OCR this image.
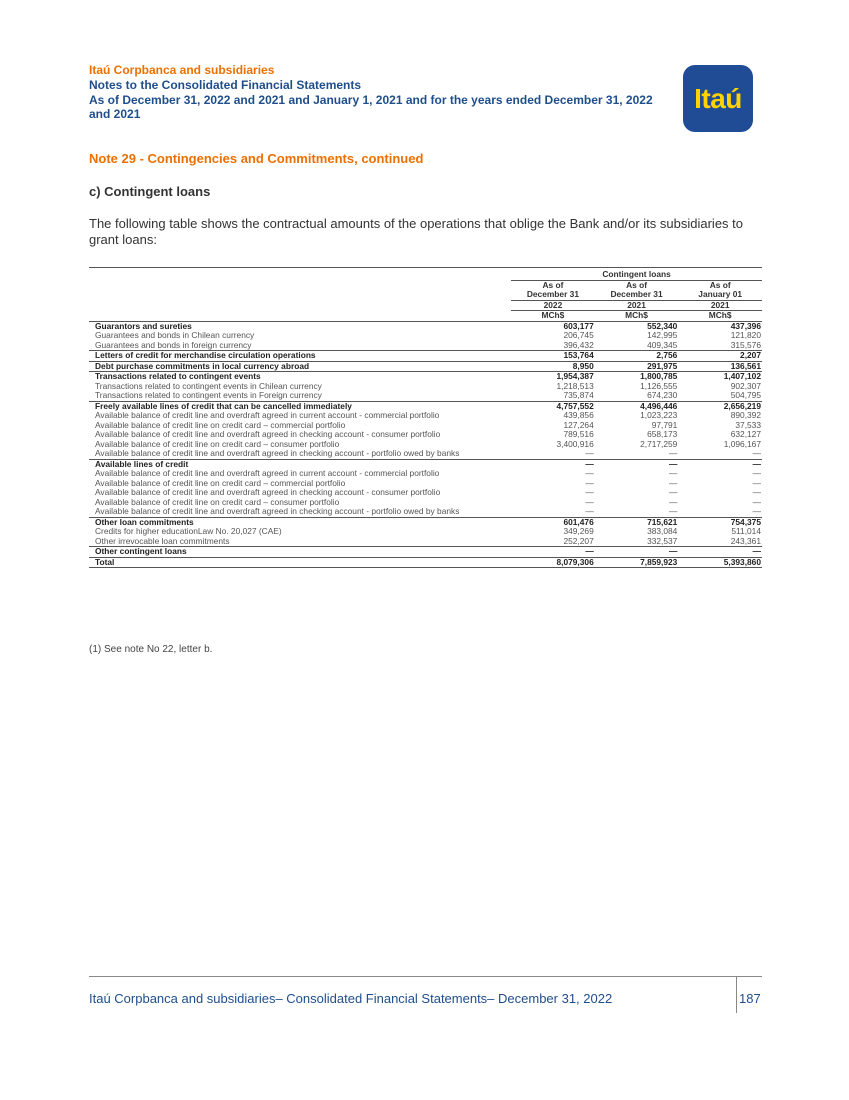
Itaú Corpbanca and subsidiaries
Notes to the Consolidated Financial Statements
As of December 31, 2022 and 2021 and January 1, 2021 and for the years ended December 31, 2022
and 2021
Itaú
Note 29 - Contingencies and Commitments, continued
c) Contingent loans
The following table shows the contractual amounts of the operations that oblige the Bank and/or its subsidiaries to grant loans:
	Contingent loans		
	As of	As of	As of
	December 31	December 31	January 01
	2022	2021	2021
	MCh$	MCh$	MCh$
Guarantors and sureties	603,177	552,340	437,396
Guarantees and bonds in Chilean currency	206,745	142,995	121,820
Guarantees and bonds in foreign currency	396,432	409,345	315,576
Letters of credit for merchandise circulation operations	153,764	2,756	2,207
Debt purchase commitments in local currency abroad	8,950	291,975	136,561
Transactions related to contingent events	1,954,387	1,800,785	1,407,102
Transactions related to contingent events in Chilean currency	1,218,513	1,126,555	902,307
Transactions related to contingent events in Foreign currency	735,874	674,230	504,795
Freely available lines of credit that can be cancelled immediately	4,757,552	4,496,446	2,656,219
Available balance of credit line and overdraft agreed in current account - commercial portfolio	439,856	1,023,223	890,392
Available balance of credit line on credit card – commercial portfolio	127,264	97,791	37,533
Available balance of credit line and overdraft agreed in checking account - consumer portfolio	789,516	658,173	632,127
Available balance of credit line on credit card – consumer portfolio	3,400,916	2,717,259	1,096,167
Available balance of credit line and overdraft agreed in checking account - portfolio owed by banks	—	—	—
Available lines of credit	—	—	—
Available balance of credit line and overdraft agreed in current account - commercial portfolio	—	—	—
Available balance of credit line on credit card – commercial portfolio	—	—	—
Available balance of credit line and overdraft agreed in checking account - consumer portfolio	—	—	—
Available balance of credit line on credit card – consumer portfolio	—	—	—
Available balance of credit line and overdraft agreed in checking account - portfolio owed by banks	—	—	—
Other loan commitments	601,476	715,621	754,375
Credits for higher educationLaw No. 20,027 (CAE)	349,269	383,084	511,014
Other irrevocable loan commitments	252,207	332,537	243,361
Other contingent loans	—	—	—
Total	8,079,306	7,859,923	5,393,860
(1) See note No 22, letter b.
Itaú Corpbanca and subsidiaries– Consolidated Financial Statements– December 31, 2022	187
